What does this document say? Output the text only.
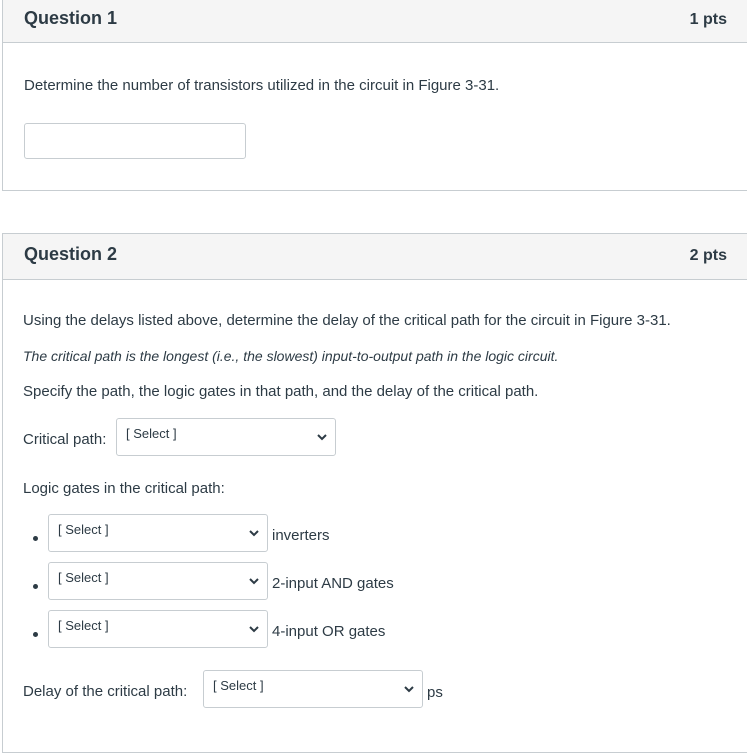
Question 1	1 pts
Determine the number of transistors utilized in the circuit in Figure 3-31.
Question 2	2 pts
Using the delays listed above, determine the delay of the critical path for the circuit in Figure 3-31.
The critical path is the longest (i.e., the slowest) input-to-output path in the logic circuit.
Specify the path, the logic gates in that path, and the delay of the critical path.
Critical path: [ Select ]
Logic gates in the critical path:
[ Select ]	inverters
[ Select ]	2-input AND gates
[ Select ]	4-input OR gates
Delay of the critical path: [ Select ]	ps
